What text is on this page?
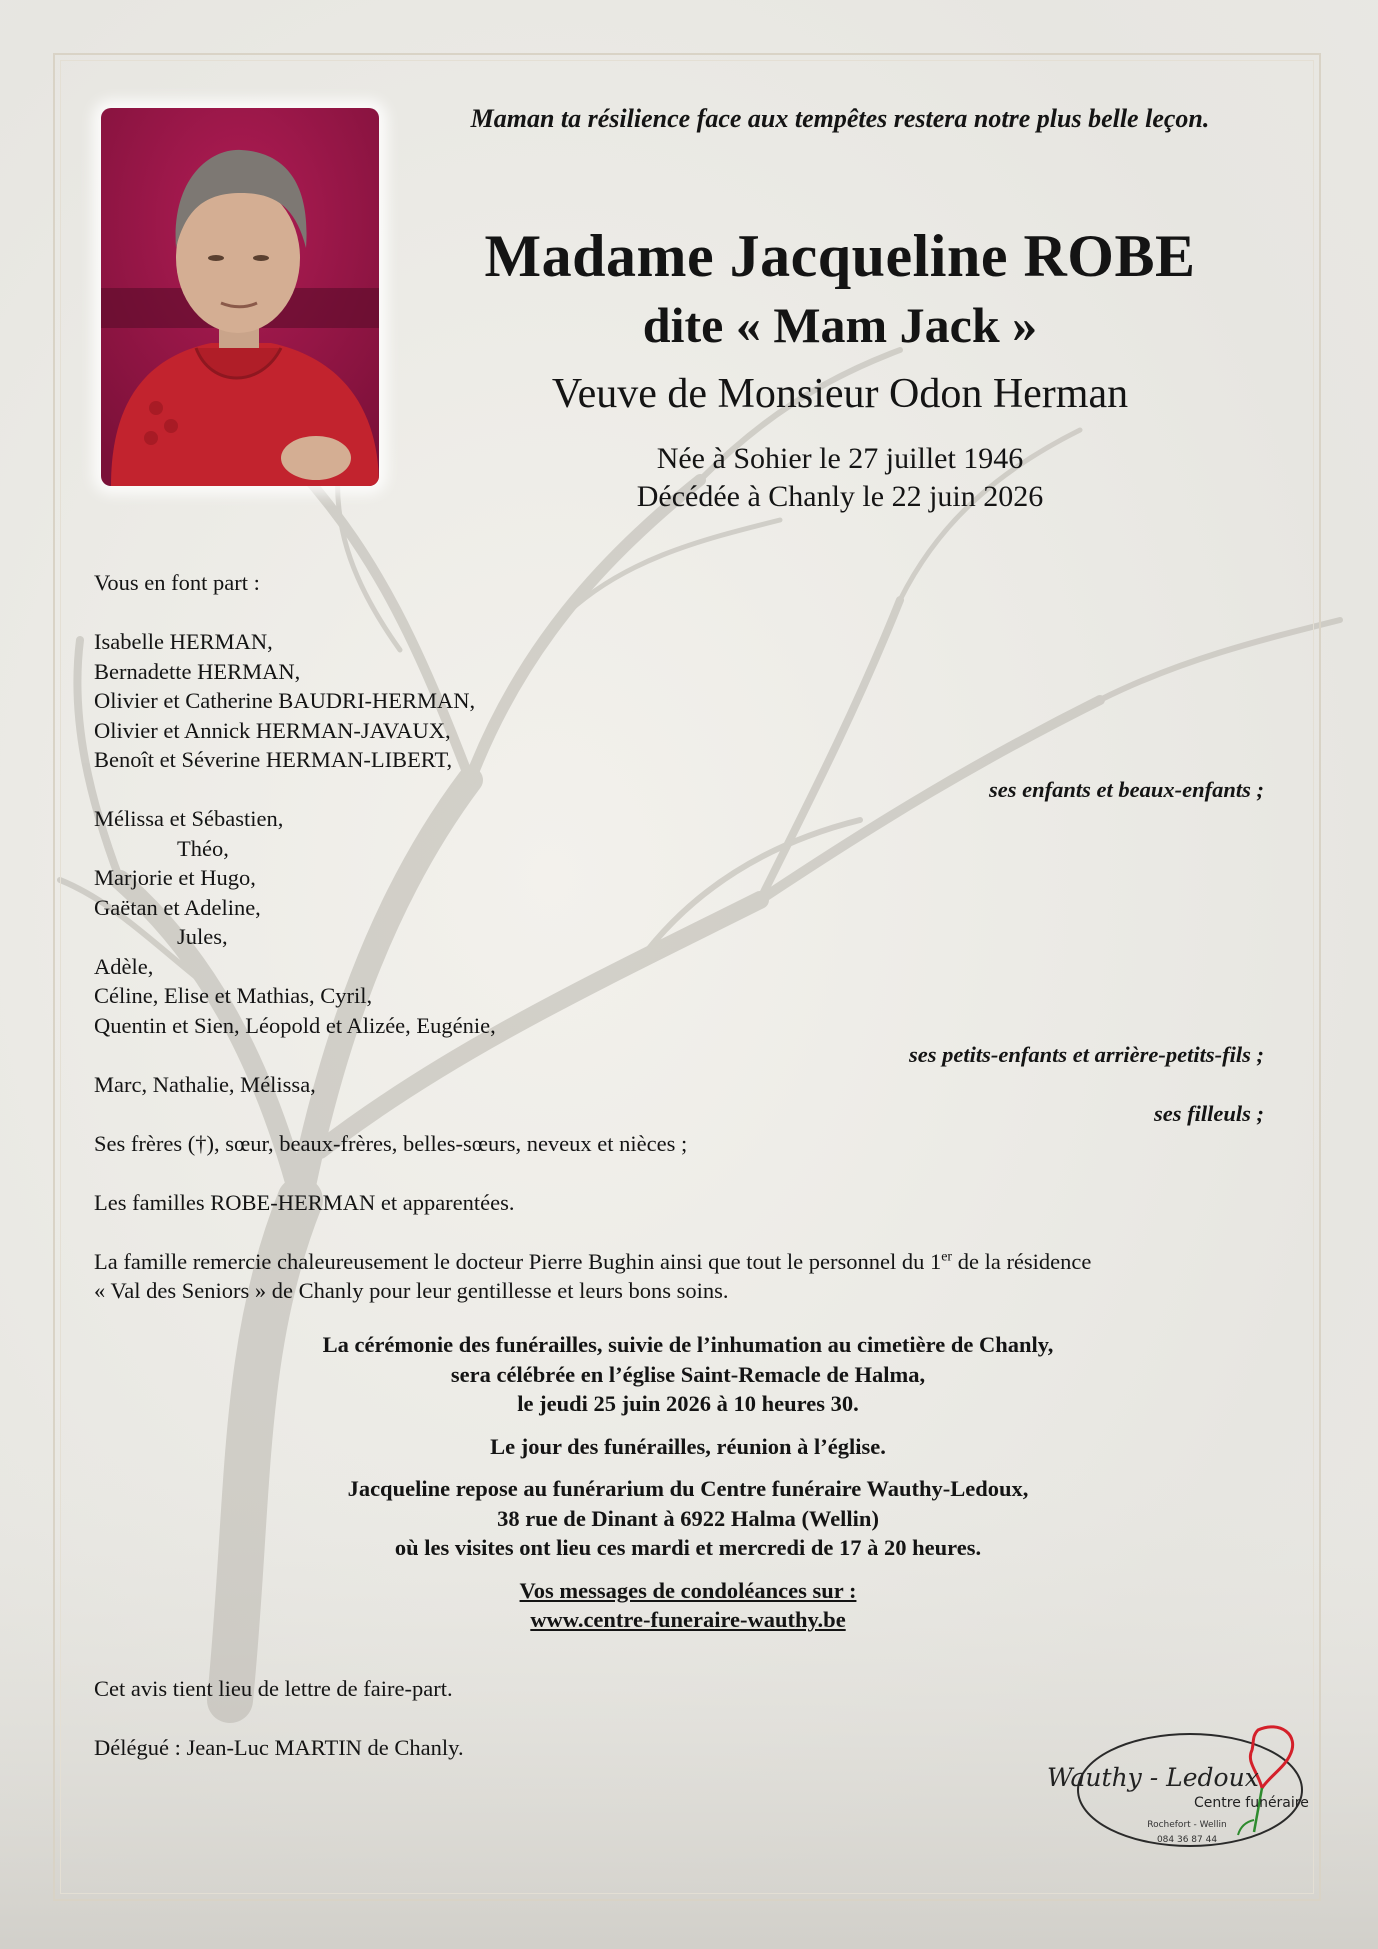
Maman ta résilience face aux tempêtes restera notre plus belle leçon.
Madame Jacqueline ROBE
dite « Mam Jack »
Veuve de Monsieur Odon Herman
Née à Sohier le 27 juillet 1946
Décédée à Chanly le 22 juin 2026
Vous en font part :
Isabelle HERMAN,
Bernadette HERMAN,
Olivier et Catherine BAUDRI-HERMAN,
Olivier et Annick HERMAN-JAVAUX,
Benoît et Séverine HERMAN-LIBERT,
ses enfants et beaux-enfants ;
Mélissa et Sébastien,
Théo,
Marjorie et Hugo,
Gaëtan et Adeline,
Jules,
Adèle,
Céline, Elise et Mathias, Cyril,
Quentin et Sien, Léopold et Alizée, Eugénie,
ses petits-enfants et arrière-petits-fils ;
Marc, Nathalie, Mélissa,
ses filleuls ;
Ses frères (†), sœur, beaux-frères, belles-sœurs, neveux et nièces ;
Les familles ROBE-HERMAN et apparentées.
La famille remercie chaleureusement le docteur Pierre Bughin ainsi que tout le personnel du 1er de la résidence
« Val des Seniors » de Chanly pour leur gentillesse et leurs bons soins.
La cérémonie des funérailles, suivie de l’inhumation au cimetière de Chanly,
sera célébrée en l’église Saint-Remacle de Halma,
le jeudi 25 juin 2026 à 10 heures 30.
Le jour des funérailles, réunion à l’église.
Jacqueline repose au funérarium du Centre funéraire Wauthy-Ledoux,
38 rue de Dinant à 6922 Halma (Wellin)
où les visites ont lieu ces mardi et mercredi de 17 à 20 heures.
Vos messages de condoléances sur :
www.centre-funeraire-wauthy.be
Cet avis tient lieu de lettre de faire-part.
Délégué : Jean-Luc MARTIN de Chanly.
Wauthy - Ledoux
Centre funéraire
Rochefort - Wellin
084 36 87 44
